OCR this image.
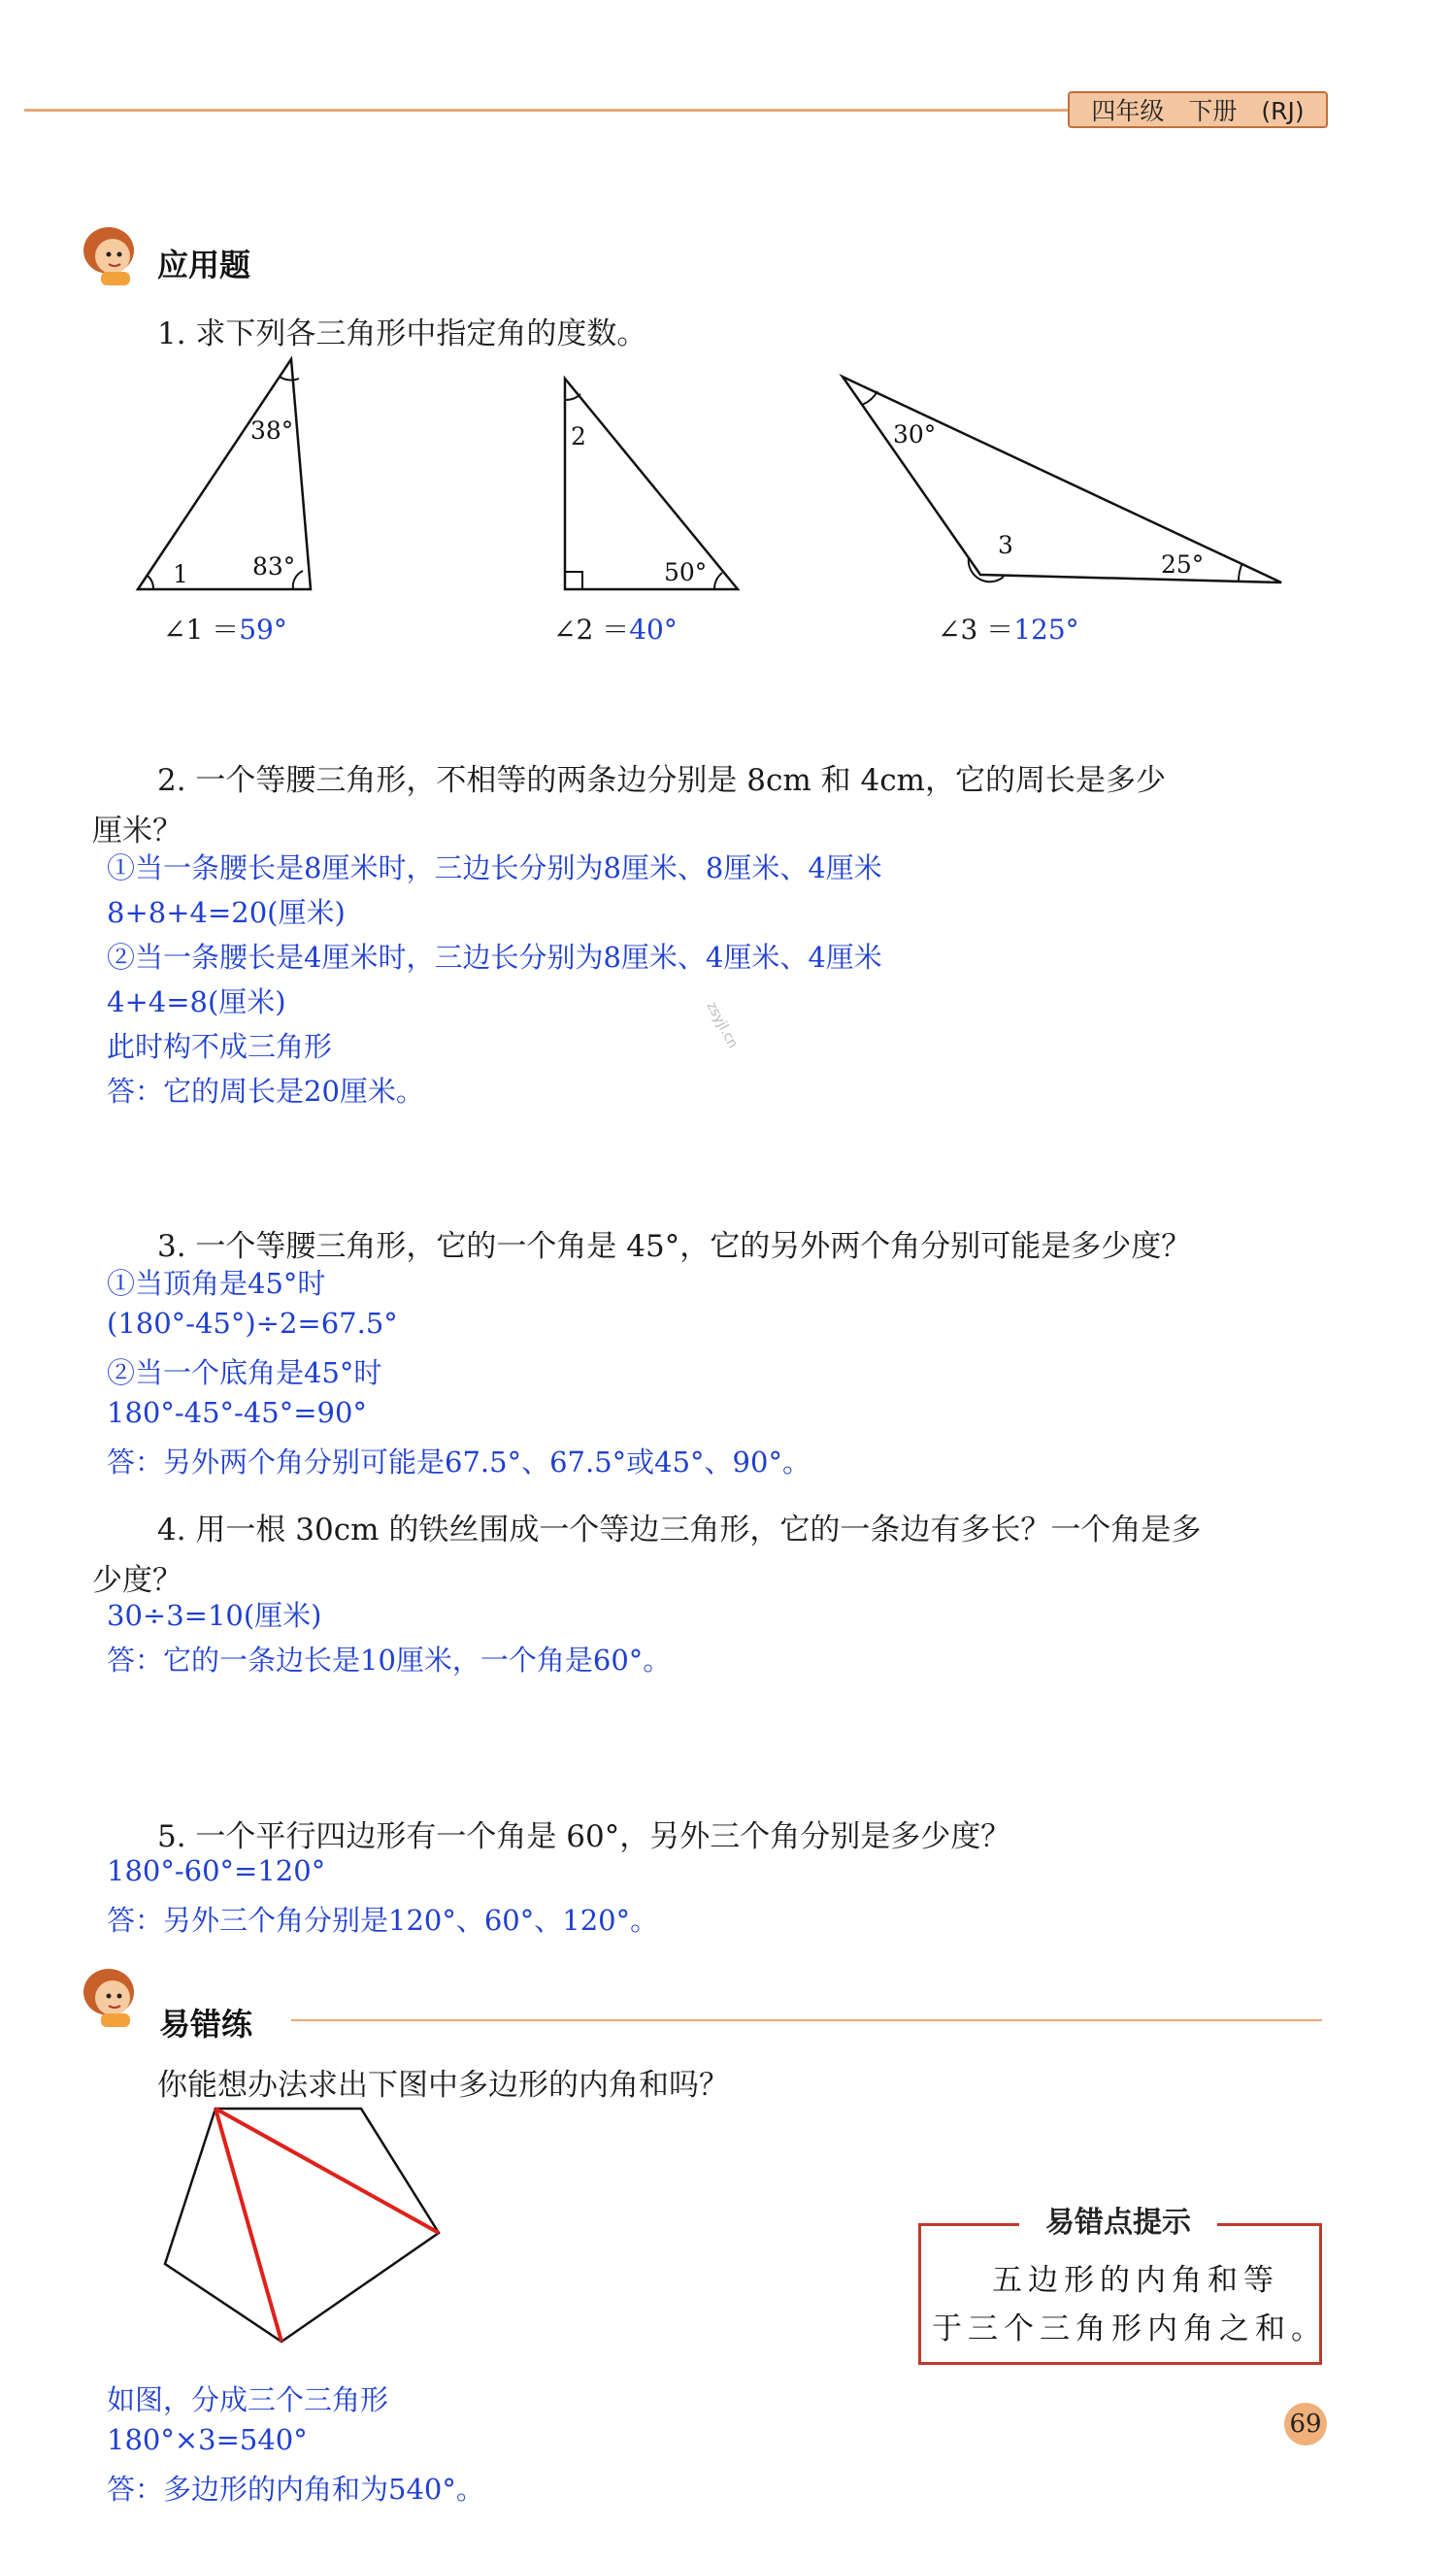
四年级　下册　(RJ)
应用题
1. 求下列各三角形中指定角的度数。
38°
1	83°
2
50°
30°
3
25°
∠1 ＝59°	∠2 ＝40°	∠3 ＝125°
2. 一个等腰三角形，不相等的两条边分别是 8cm 和 4cm，它的周长是多少
厘米？
①当一条腰长是8厘米时，三边长分别为8厘米、8厘米、4厘米
8+8+4=20(厘米)
②当一条腰长是4厘米时，三边长分别为8厘米、4厘米、4厘米
4+4=8(厘米)
此时构不成三角形
答：它的周长是20厘米。
zsyjl.cn
3. 一个等腰三角形，它的一个角是 45°，它的另外两个角分别可能是多少度？
①当顶角是45°时
(180°-45°)÷2=67.5°
②当一个底角是45°时
180°-45°-45°=90°
答：另外两个角分别可能是67.5°、67.5°或45°、90°。
4. 用一根 30cm 的铁丝围成一个等边三角形，它的一条边有多长？一个角是多
少度？
30÷3=10(厘米)
答：它的一条边长是10厘米，一个角是60°。
5. 一个平行四边形有一个角是 60°，另外三个角分别是多少度？
180°-60°=120°
答：另外三个角分别是120°、60°、120°。
易错练
你能想办法求出下图中多边形的内角和吗？
易错点提示
五边形的内角和等
于三个三角形内角之和。
如图，分成三个三角形
180°×3=540°
答：多边形的内角和为540°。
69
